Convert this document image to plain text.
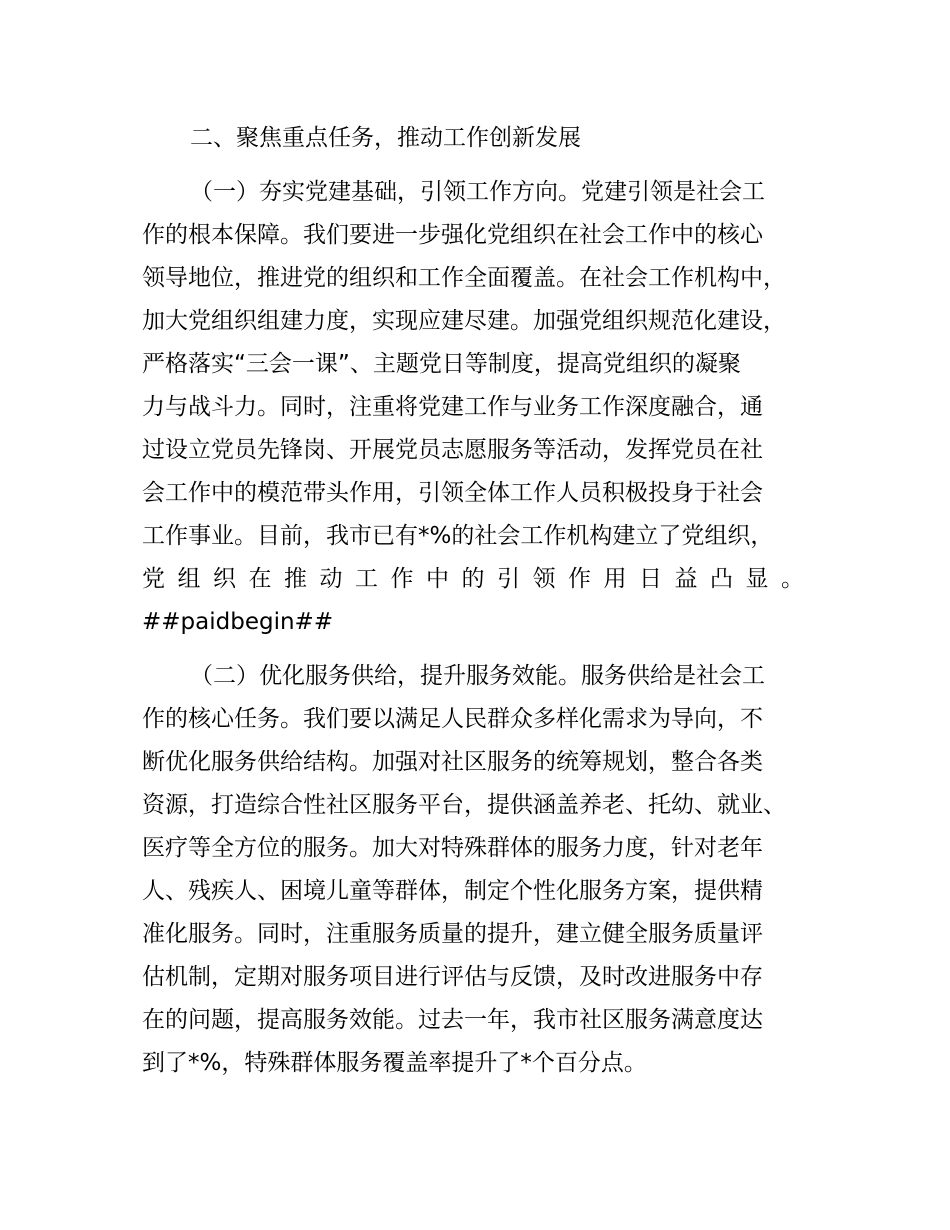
二、聚焦重点任务，推动工作创新发展
（一）夯实党建基础，引领工作方向。党建引领是社会工
作的根本保障。我们要进一步强化党组织在社会工作中的核心
领导地位，推进党的组织和工作全面覆盖。在社会工作机构中，
加大党组织组建力度，实现应建尽建。加强党组织规范化建设，
严格落实“三会一课”、主题党日等制度，提高党组织的凝聚
力与战斗力。同时，注重将党建工作与业务工作深度融合，通
过设立党员先锋岗、开展党员志愿服务等活动，发挥党员在社
会工作中的模范带头作用，引领全体工作人员积极投身于社会
工作事业。目前，我市已有*%的社会工作机构建立了党组织，
党组织在推动工作中的引领作用日益凸显。
##paidbegin##
（二）优化服务供给，提升服务效能。服务供给是社会工
作的核心任务。我们要以满足人民群众多样化需求为导向，不
断优化服务供给结构。加强对社区服务的统筹规划，整合各类
资源，打造综合性社区服务平台，提供涵盖养老、托幼、就业、
医疗等全方位的服务。加大对特殊群体的服务力度，针对老年
人、残疾人、困境儿童等群体，制定个性化服务方案，提供精
准化服务。同时，注重服务质量的提升，建立健全服务质量评
估机制，定期对服务项目进行评估与反馈，及时改进服务中存
在的问题，提高服务效能。过去一年，我市社区服务满意度达
到了*%，特殊群体服务覆盖率提升了*个百分点。
